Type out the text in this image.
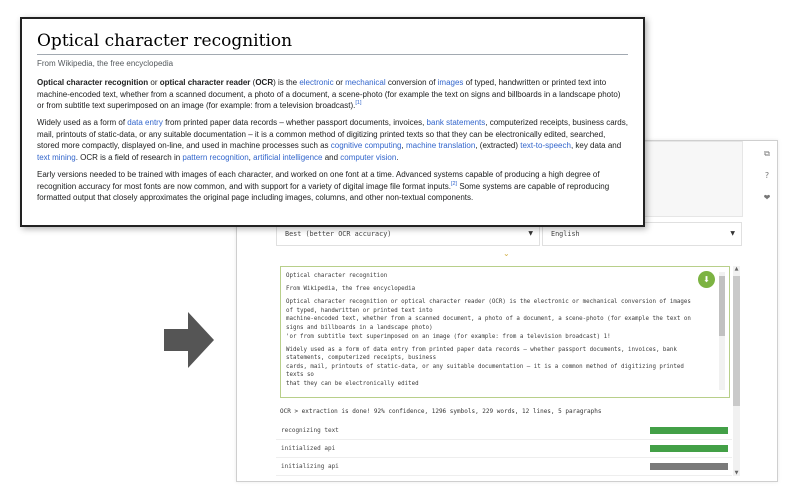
⧉
?
❤
Best (better OCR accuracy)	▼	English	▼
⌄

Optical character recognition

From Wikipedia, the free encyclopedia

Optical character recognition or optical character reader (OCR) is the electronic or mechanical conversion of images of typed, handwritten or printed text into
machine-encoded text, whether from a scanned document, a photo of a document, a scene-photo (for example the text on signs and billboards in a landscape photo)
'or from subtitle text superimposed on an image (for example: from a television broadcast) 1!

Widely used as a form of data entry from printed paper data records – whether passport documents, invoices, bank statements, computerized receipts, business
cards, mail, printouts of static-data, or any suitable documentation – it is a common method of digitizing printed texts so
that they can be electronically edited

⬇
▲
▼
OCR > extraction is done! 92% confidence, 1296 symbols, 229 words, 12 lines, 5 paragraphs
recognizing text
initialized api
initializing api
Optical character recognition
From Wikipedia, the free encyclopedia
Optical character recognition or optical character reader (OCR) is the electronic or mechanical conversion of images of typed, handwritten or printed text into machine-encoded text, whether from a scanned document, a photo of a document, a scene-photo (for example the text on signs and billboards in a landscape photo) or from subtitle text superimposed on an image (for example: from a television broadcast).[1]
Widely used as a form of data entry from printed paper data records – whether passport documents, invoices, bank statements, computerized receipts, business cards, mail, printouts of static-data, or any suitable documentation – it is a common method of digitizing printed texts so that they can be electronically edited, searched, stored more compactly, displayed on-line, and used in machine processes such as cognitive computing, machine translation, (extracted) text-to-speech, key data and text mining. OCR is a field of research in pattern recognition, artificial intelligence and computer vision.
Early versions needed to be trained with images of each character, and worked on one font at a time. Advanced systems capable of producing a high degree of recognition accuracy for most fonts are now common, and with support for a variety of digital image file format inputs.[2] Some systems are capable of reproducing formatted output that closely approximates the original page including images, columns, and other non-textual components.
